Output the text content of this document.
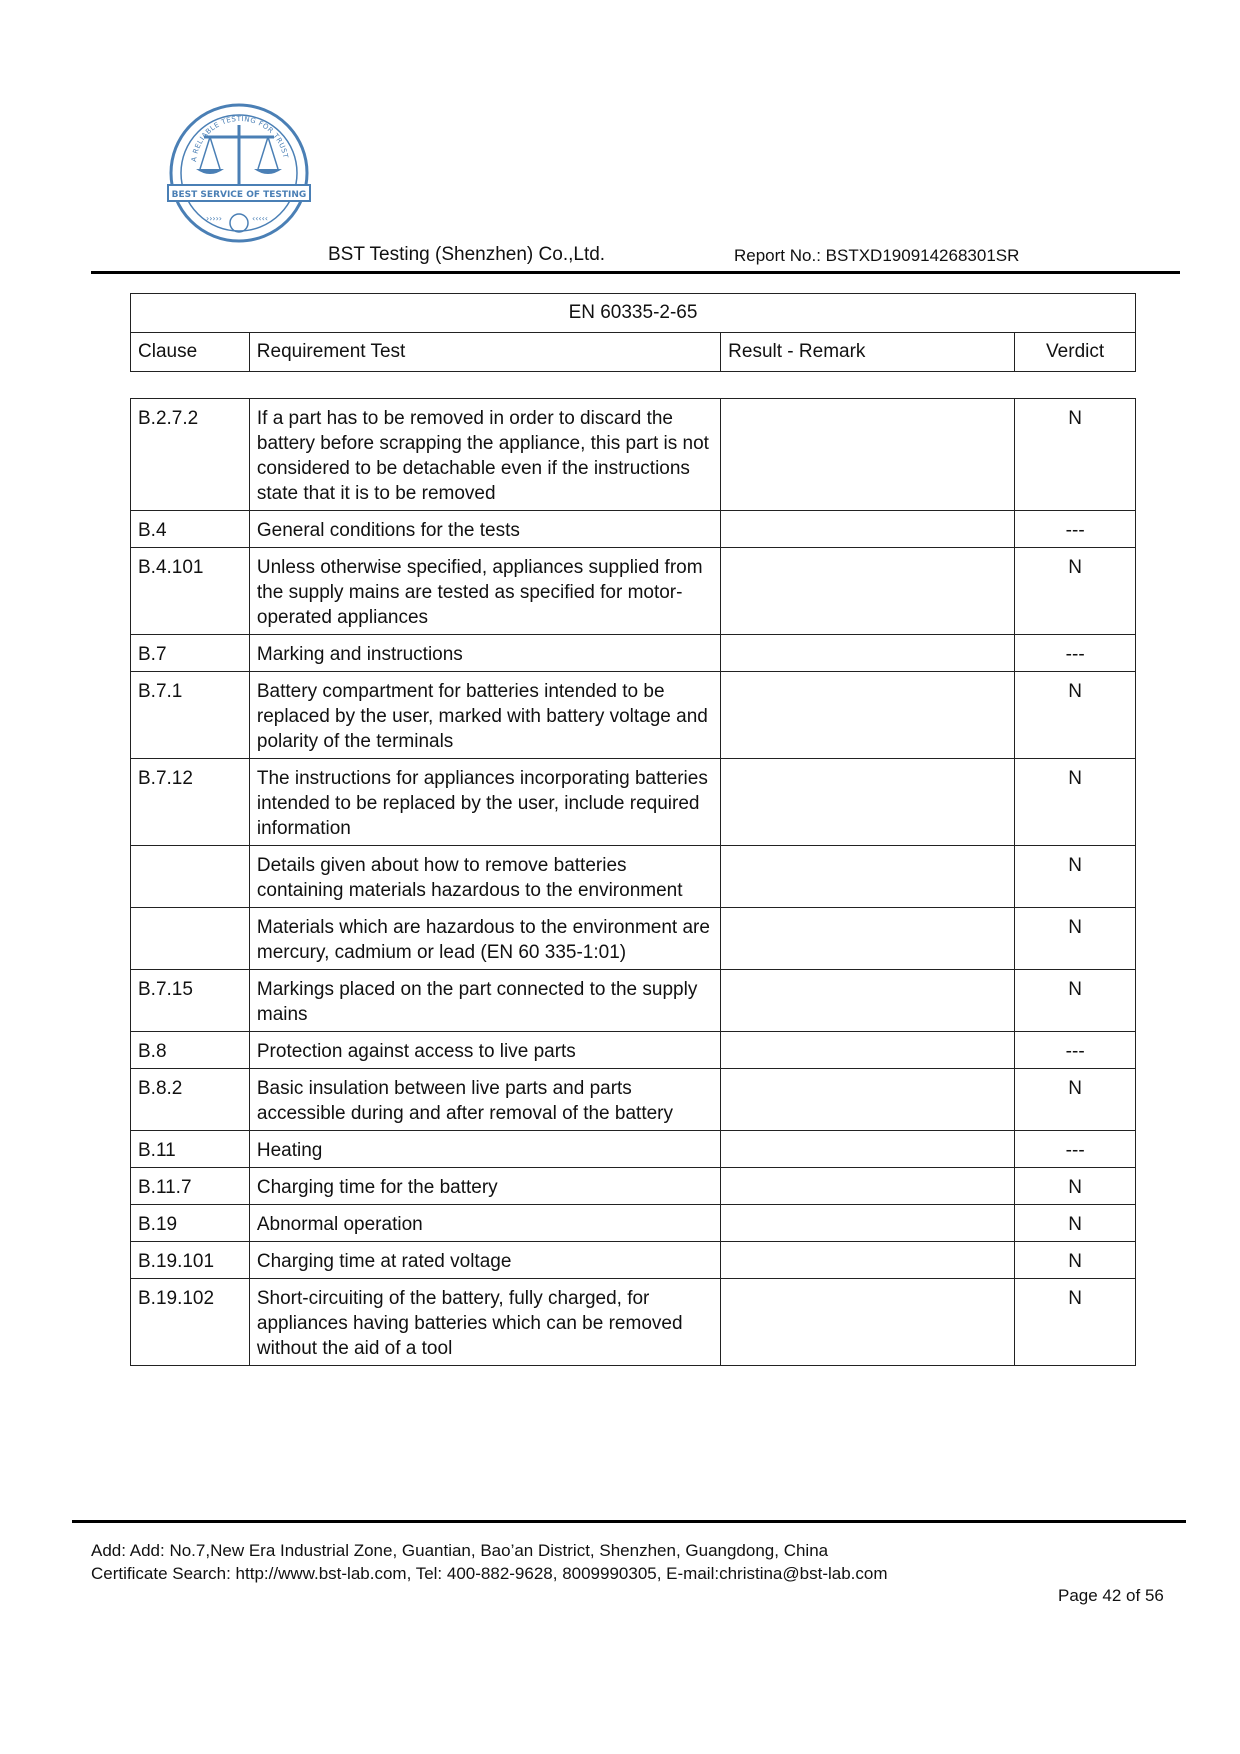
A RELIABLE TESTING FOR TRUST
BEST SERVICE OF TESTING
›››››	‹‹‹‹‹
BST Testing (Shenzhen) Co.,Ltd.	Report No.: BSTXD190914268301SR
EN 60335-2-65
Clause	Requirement Test	Result - Remark	Verdict
B.2.7.2	If a part has to be removed in order to discard the battery before scrapping the appliance, this part is not considered to be detachable even if the instructions state that it is to be removed		N
B.4	General conditions for the tests		---
B.4.101	Unless otherwise specified, appliances supplied from the supply mains are tested as specified for motor-operated appliances		N
B.7	Marking and instructions		---
B.7.1	Battery compartment for batteries intended to be replaced by the user, marked with battery voltage and polarity of the terminals		N
B.7.12	The instructions for appliances incorporating batteries intended to be replaced by the user, include required information		N
	Details given about how to remove batteries containing materials hazardous to the environment		N
	Materials which are hazardous to the environment are mercury, cadmium or lead (EN 60 335-1:01)		N
B.7.15	Markings placed on the part connected to the supply mains		N
B.8	Protection against access to live parts		---
B.8.2	Basic insulation between live parts and parts accessible during and after removal of the battery		N
B.11	Heating		---
B.11.7	Charging time for the battery		N
B.19	Abnormal operation		N
B.19.101	Charging time at rated voltage		N
B.19.102	Short-circuiting of the battery, fully charged, for appliances having batteries which can be removed without the aid of a tool		N
Add: Add: No.7,New Era Industrial Zone, Guantian, Bao’an District, Shenzhen, Guangdong, China
Certificate Search: http://www.bst-lab.com, Tel: 400-882-9628, 8009990305, E-mail:christina@bst-lab.com
Page 42 of 56
